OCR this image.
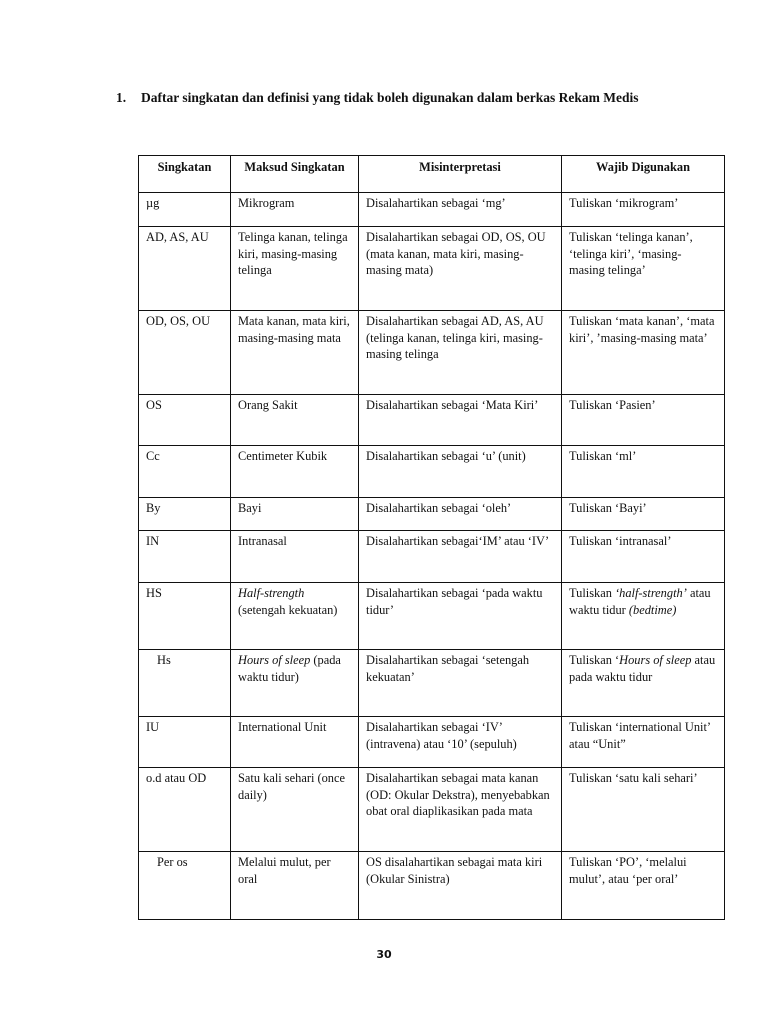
1. Daftar singkatan dan definisi yang tidak boleh digunakan dalam berkas Rekam Medis
Singkatan	Maksud Singkatan	Misinterpretasi	Wajib Digunakan
µg	Mikrogram	Disalahartikan sebagai ‘mg’	Tuliskan ‘mikrogram’
AD, AS, AU	Telinga kanan, telinga kiri, masing-masing telinga	Disalahartikan sebagai OD, OS, OU (mata kanan, mata kiri, masing-masing mata)	Tuliskan ‘telinga kanan’, ‘telinga kiri’, ‘masing-masing telinga’
OD, OS, OU	Mata kanan, mata kiri, masing-masing mata	Disalahartikan sebagai AD, AS, AU (telinga kanan, telinga kiri, masing-masing telinga	Tuliskan ‘mata kanan’, ‘mata kiri’, ’masing-masing mata’
OS	Orang Sakit	Disalahartikan sebagai ‘Mata Kiri’	Tuliskan ‘Pasien’
Cc	Centimeter Kubik	Disalahartikan sebagai ‘u’ (unit)	Tuliskan ‘ml’
By	Bayi	Disalahartikan sebagai ‘oleh’	Tuliskan ‘Bayi’
IN	Intranasal	Disalahartikan sebagai‘IM’ atau ‘IV’	Tuliskan ‘intranasal’
HS	Half-strength (setengah kekuatan)	Disalahartikan sebagai ‘pada waktu tidur’	Tuliskan ‘half-strength’ atau waktu tidur (bedtime)
Hs	Hours of sleep (pada waktu tidur)	Disalahartikan sebagai ‘setengah kekuatan’	Tuliskan ‘Hours of sleep atau pada waktu tidur
IU	International Unit	Disalahartikan sebagai ‘IV’ (intravena) atau ‘10’ (sepuluh)	Tuliskan ‘international Unit’ atau “Unit”
o.d atau OD	Satu kali sehari (once daily)	Disalahartikan sebagai mata kanan (OD: Okular Dekstra), menyebabkan obat oral diaplikasikan pada mata	Tuliskan ‘satu kali sehari’
Per os	Melalui mulut, per oral	OS disalahartikan sebagai mata kiri (Okular Sinistra)	Tuliskan ‘PO’, ‘melalui mulut’, atau ‘per oral’
30
